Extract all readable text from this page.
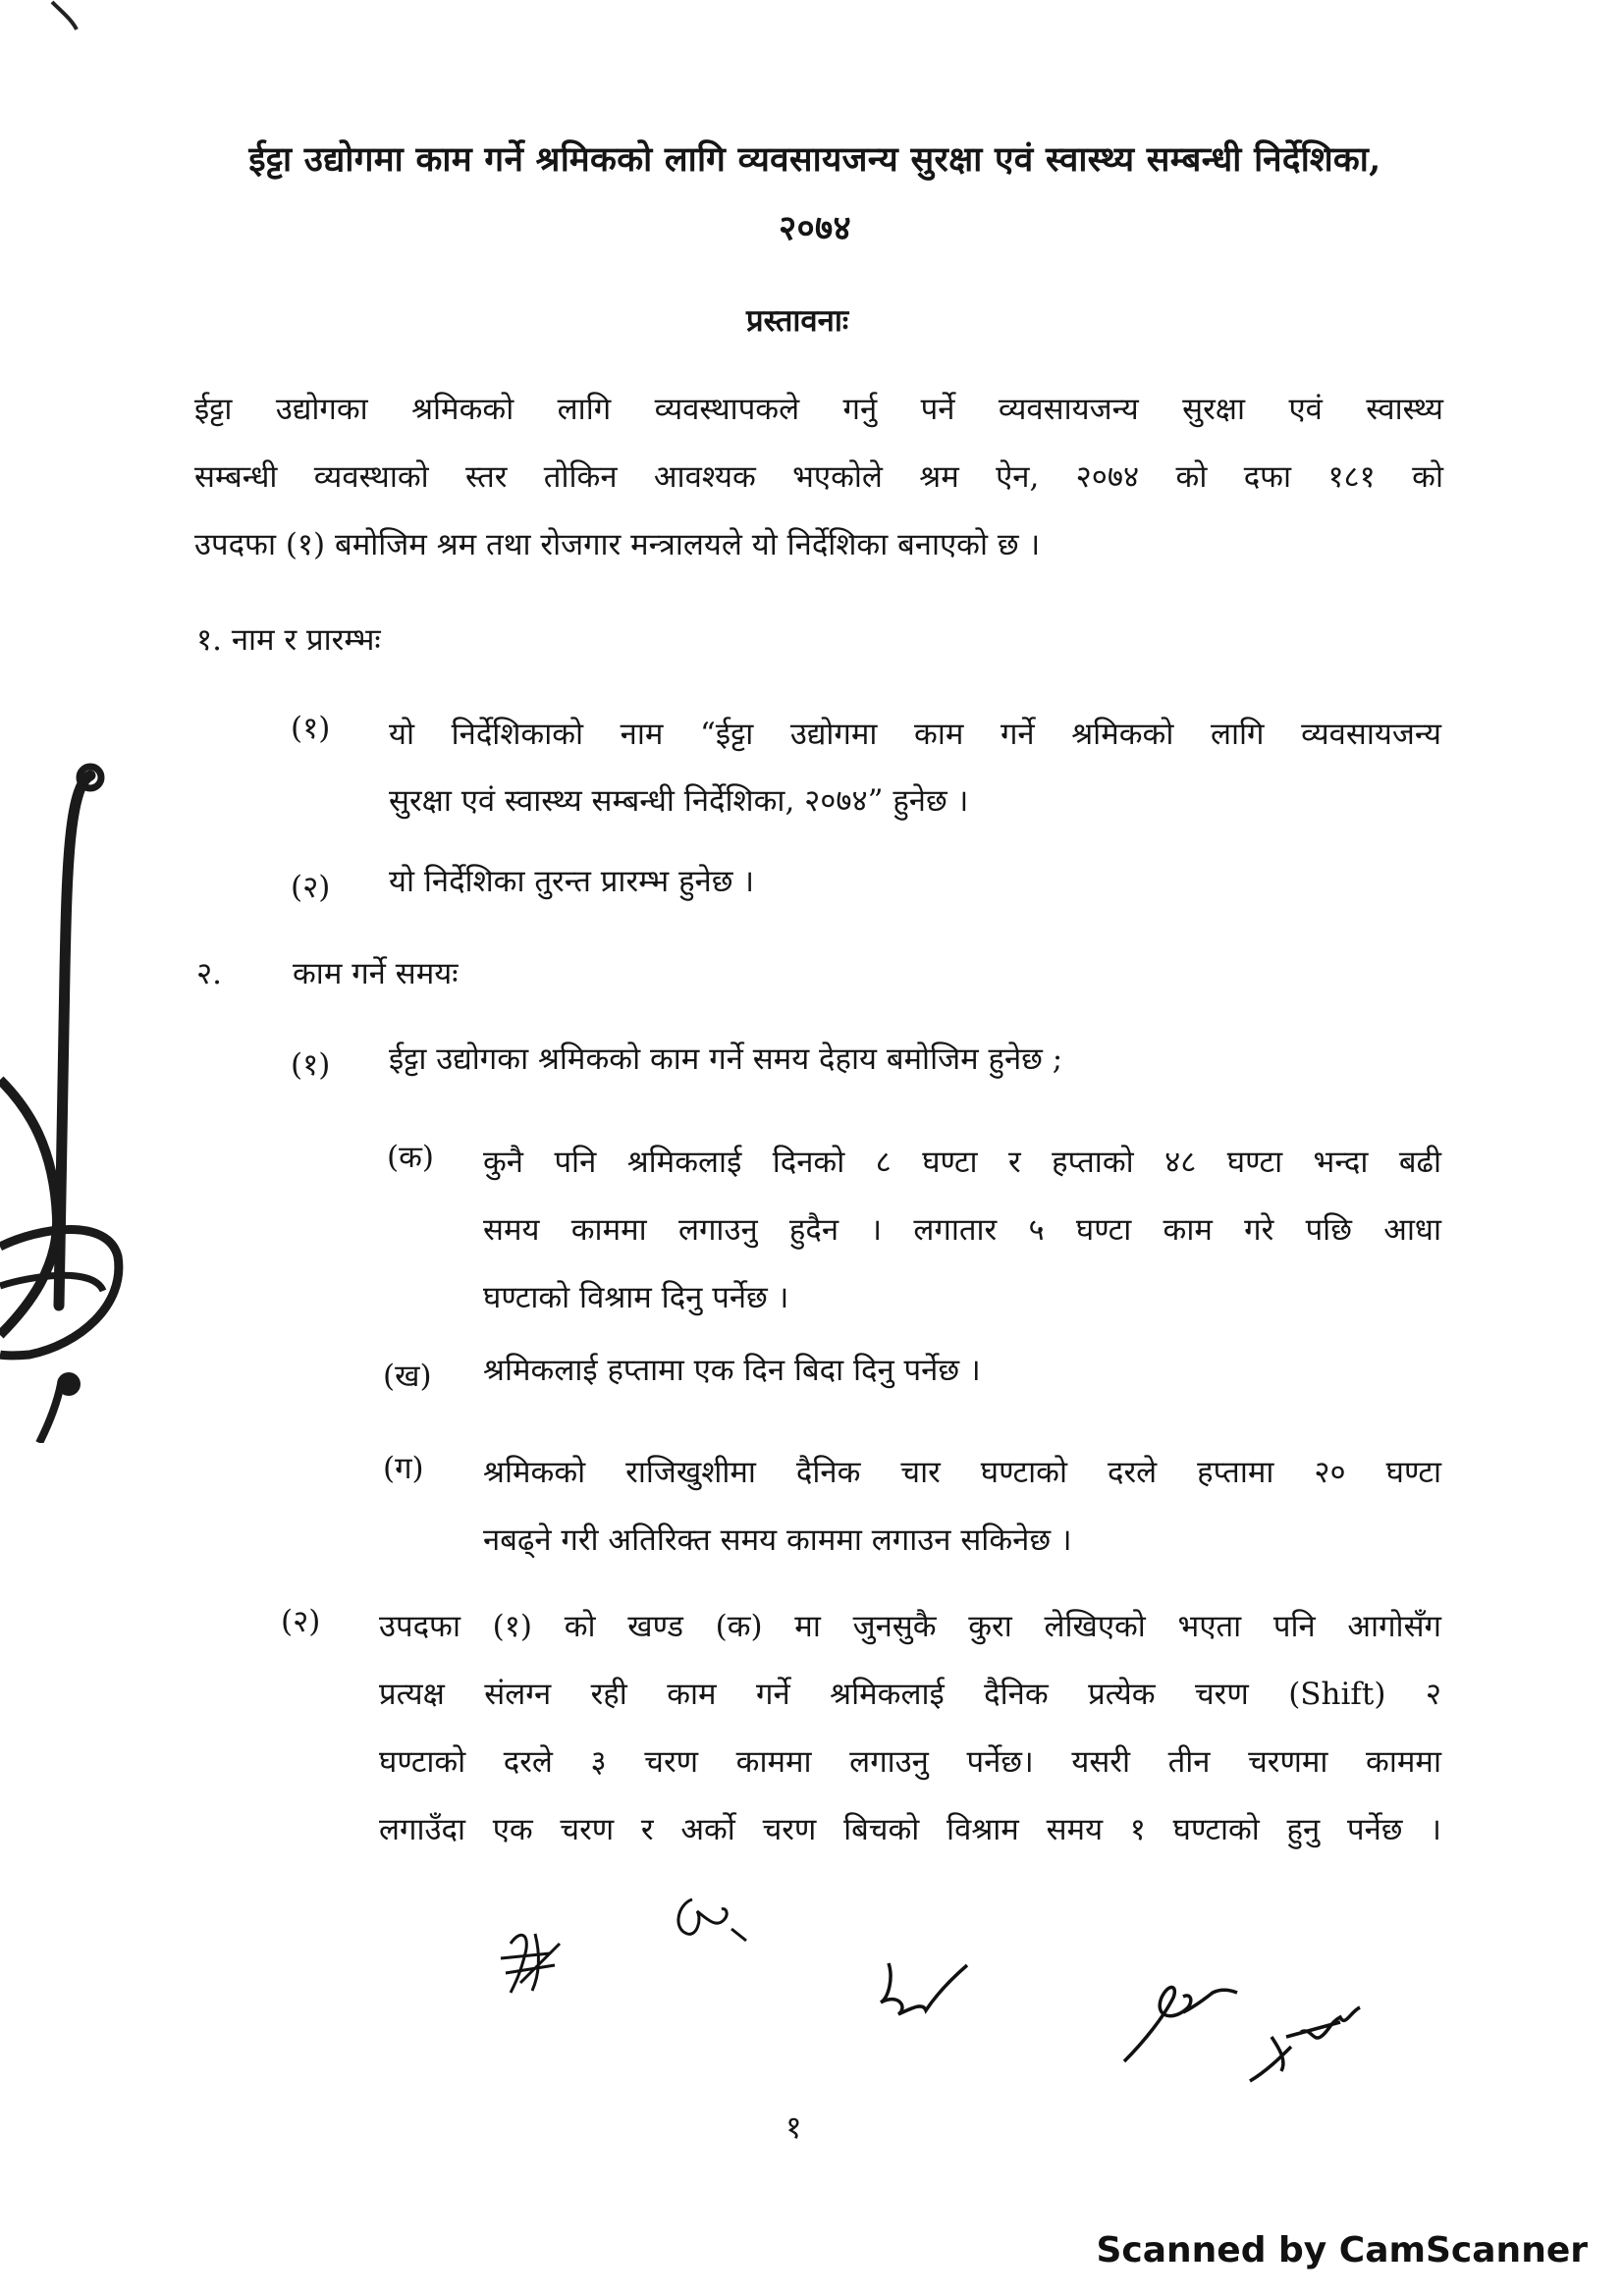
ईट्टा उद्योगमा काम गर्ने श्रमिकको लागि व्यवसायजन्य सुरक्षा एवं स्वास्थ्य सम्बन्धी निर्देशिका,
२०७४
प्रस्तावनाः
ईट्टा उद्योगका श्रमिकको लागि व्यवस्थापकले गर्नु पर्ने व्यवसायजन्य सुरक्षा एवं स्वास्थ्य
सम्बन्धी व्यवस्थाको स्तर तोकिन आवश्यक भएकोले श्रम ऐन, २०७४ को दफा १८१ को
उपदफा (१) बमोजिम श्रम तथा रोजगार मन्त्रालयले यो निर्देशिका बनाएको छ ।
१. नाम र प्रारम्भः
(१) यो निर्देशिकाको नाम “ईट्टा उद्योगमा काम गर्ने श्रमिकको लागि व्यवसायजन्य
सुरक्षा एवं स्वास्थ्य सम्बन्धी निर्देशिका, २०७४” हुनेछ ।
(२) यो निर्देशिका तुरन्त प्रारम्भ हुनेछ ।
२. काम गर्ने समयः
(१) ईट्टा उद्योगका श्रमिकको काम गर्ने समय देहाय बमोजिम हुनेछ ;
(क) कुनै पनि श्रमिकलाई दिनको ८ घण्टा र हप्ताको ४८ घण्टा भन्दा बढी
समय काममा लगाउनु हुदैन । लगातार ५ घण्टा काम गरे पछि आधा
घण्टाको विश्राम दिनु पर्नेछ ।
(ख) श्रमिकलाई हप्तामा एक दिन बिदा दिनु पर्नेछ ।
(ग) श्रमिकको राजिखुशीमा दैनिक चार घण्टाको दरले हप्तामा २० घण्टा
नबढ्ने गरी अतिरिक्त समय काममा लगाउन सकिनेछ ।
(२) उपदफा (१) को खण्ड (क) मा जुनसुकै कुरा लेखिएको भएता पनि आगोसँग
प्रत्यक्ष संलग्न रही काम गर्ने श्रमिकलाई दैनिक प्रत्येक चरण (Shift) २
घण्टाको दरले ३ चरण काममा लगाउनु पर्नेछ। यसरी तीन चरणमा काममा
लगाउँदा एक चरण र अर्को चरण बिचको विश्राम समय १ घण्टाको हुनु पर्नेछ ।
१
Scanned by CamScanner
